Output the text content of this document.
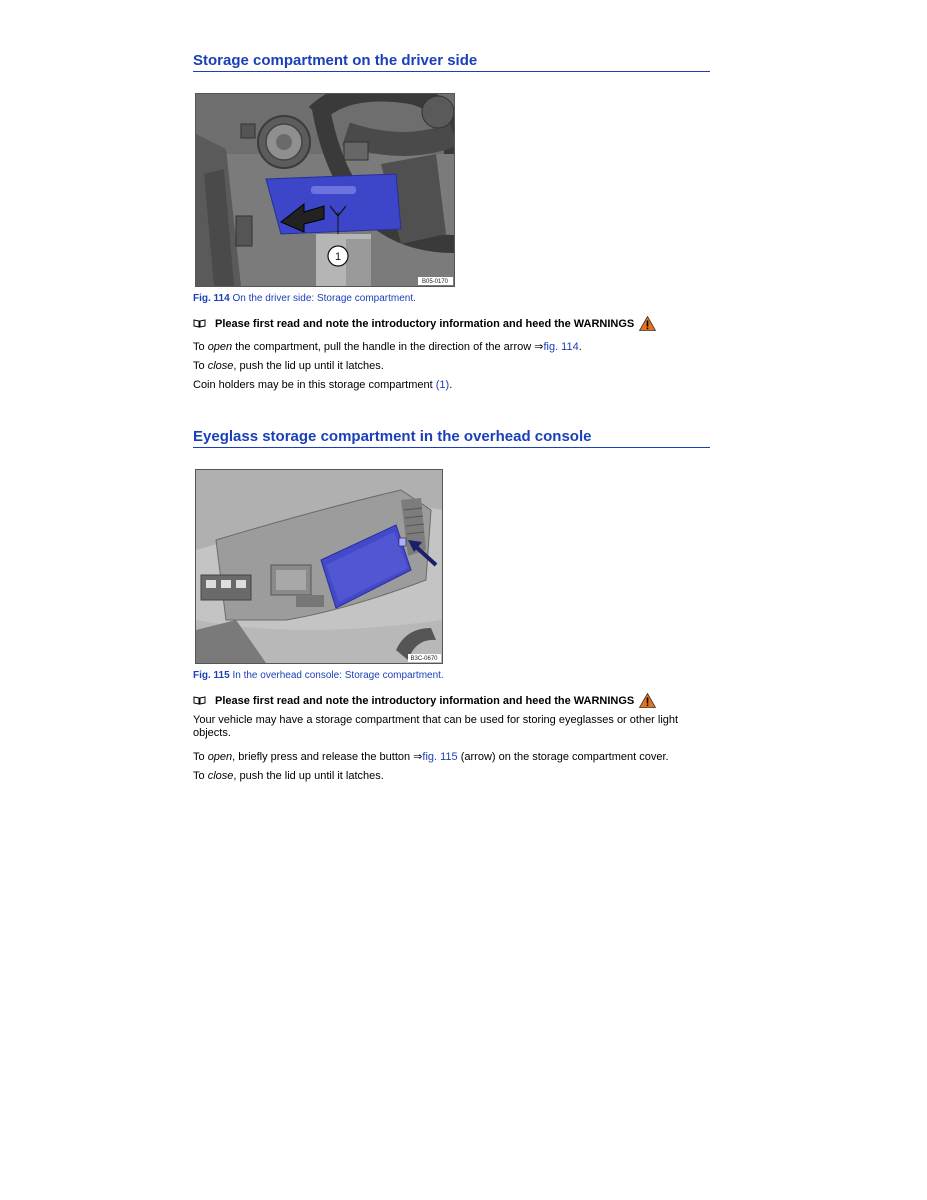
Storage compartment on the driver side
1
B05-0170

Fig. 114 On the driver side: Storage compartment.

Please first read and note the introductory information and heed the WARNINGS

To open the compartment, pull the handle in the direction of the arrow ⇒fig. 114.

To close, push the lid up until it latches.

Coin holders may be in this storage compartment (1).

Eyeglass storage compartment in the overhead console
B3C-0670

Fig. 115 In the overhead console: Storage compartment.

Please first read and note the introductory information and heed the WARNINGS

Your vehicle may have a storage compartment that can be used for storing eyeglasses or other light objects.

To open, briefly press and release the button ⇒fig. 115 (arrow) on the storage compartment cover.

To close, push the lid up until it latches.
